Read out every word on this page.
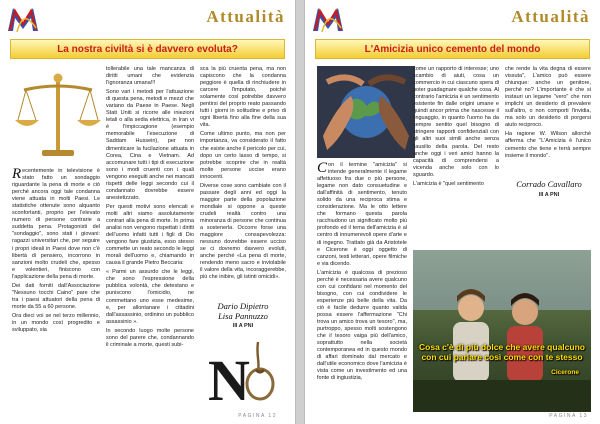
Attualità
La nostra civiltà si è davvero evoluta?
R ecentemente in televisione è stato fatto un sondaggio riguardante la pena di morte e ciò perché ancora oggi tale condanna viene attuata in molti Paesi. Le statistiche ottenute sono alquanto sconfortanti, proprio per l'elevato numero di persone contrarie a suddetta pena. Protagonisti del "sondaggio", sono stati i giovani: ragazzi universitari che, per seguire i propri ideali in Paesi dove non c'è libertà di pensiero, incorrono in sanzioni molto crudeli che, spesso e volentieri, finiscono con l'applicazione della pena di morte.

Dei dati forniti dall'Associazione "Nessuno tocchi Caino" pare che tra i paesi attuatori della pena di morte da 55 a 60 persone.

Ora dieci voi se nel terzo millennio, in un mondo così progredito e sviluppato, sia

tollerabile una tale mancanza di diritti umani che evidenzia l'ignoranza umana!!!

Sono vari i metodi per l'attuazione di questa pena, metodi e mezzi che variano da Paese in Paese. Negli Stati Uniti si ricorre alle iniezioni letali o alla sedia elettrica, in Iran vi è l'impiccagione (esempio memorabile l'esecuzione di Saddam Hussein), per non dimenticare la fucilazione attuata in Corea, Cina e Vietnam. Ad accomunare tutti i tipi di esecuzione sono i modi cruenti con i quali vengono eseguiti anche nei mancati rispetti delle leggi secondo cui il condannato dovrebbe essere anestetizzato.

Per questi motivi sono elencati e molti altri siamo assolutamente contrari alla pena di morte. In prima analisi non vengono rispettati i diritti dell'uomo infatti tutti i figli di Dio vengono fare giustizia, esso stesso commette un reato secondo le leggi morali dell'uomo e, chiamando in causa il grande Pietro Beccaria:

« Parmi un assurdo che le leggi, che sono l'espressione della pubblica volontà, che detestano e puniscono l'omicidio, ne commettano uno esse medesime, e, per allontanare i cittadini dall'assassinio, ordinino un pubblico assassinio ».

In secondo luogo molte persone sono del parere che, condannando il criminale a morte, questi subi-

sca la più cruenta pena, ma non capiscono che la condanna peggiore è quella di rinchiudere in carcere l'imputato, poiché solamente così potrebbe davvero pentirsi del proprio reato passando tutti i giorni in solitudine e privo di ogni libertà fino alla fine della sua vita.

Come ultimo punto, ma non per importanza, va considerato il fatto che esiste anche il pericolo per cui, dopo un certo lasso di tempo, si potrebbe scoprire che in realtà molte persone uccise erano innocenti.

Diverse cose sono cambiate con il passare degli anni ed oggi la maggior parte della popolazione mondiale si oppone a queste crudeli realtà contro una minoranza di persone che continua a sostenerla. Occorre forse una maggiore consapevolezza: nessuno dovrebbe essere ucciso se ci dovremo davvero evoluti, anche perché «La pena di morte, rendendo meno sacro e inviolabile il valore della vita, incoraggerebbe, più che inibire, gli istinti omicidi».

Dario Dipietro
Lisa Pannuzzo
III A PNI
N
PAGINA 12
Attualità
L'Amicizia unico cemento del mondo
C on il termine "amicizia" si intende generalmente il legame affettuoso fra due o più persone, legame non dato consuetudine e dall'affinità di sentimento, tenuto solido da una reciproca stima e considerazione. Ma le otto lettere che formano questa parola racchiudono un significato molto più profondo ed il tema dell'amicizia è al centro di innumerevoli opere d'arte e di ingegno. Trattato già da Aristotele e Cicerone è oggi oggetto di canzoni, testi letterari, opere filmiche e via dicendo.

L'amicizia è qualcosa di prezioso perché è necessaria avere qualcuno con cui confidarsi nel momento del bisogno, con cui condividere le esperienze più belle della vita. Da ciò è facile dedurre quanto valida possa essere l'affermazione "Chi trova un amico trova un tesoro", ma, purtroppo, spesso molti sostengono che il tesoro vaiga più dell'amico, soprattutto nella società contemporanea ed in questo mondo di affari dominato dal mercato e dall'utile economico dove l'amicizia è vista come un investimento ed una fonte di ingiustizia,

come un rapporto di interesse; uno scambio di aiuti, cosa un commercio in cui ciascuno spera di poter guadagnare qualche cosa. Al contrario l'amicizia è un sentimento esistente fin dalle origini umane e quindi ancor prima che nascesse il linguaggio, in quanto l'uomo ha da sempre sentito quel bisogno di stringere rapporti confidenziali con gli altri suoi simili anche senza l'ausilio della parola. Del resto anche oggi i veri amici hanno la capacità di comprendersi a vicenda anche solo con lo sguardo.

L'amicizia è "quel sentimento

che rende la vita degna di essere vissuta", L'amico può essere chiunque: anche un genitore, perché no? L'importante è che si instauri un legame "vero" che non implichi un desiderio di prevalere sull'altro, o non comporti l'invidia, ma solo un desiderio di porgersi aiuto reciproco.

Ha ragione W. Wilson allorché afferma che "L'Amicizia è l'unico cemento che tiene e terrà sempre insieme il mondo".

Corrado Cavallaro
III A PNI
Cosa c'è di più dolce che avere qualcuno con cui parlare così come con te stesso
Cicerone
PAGINA 13
